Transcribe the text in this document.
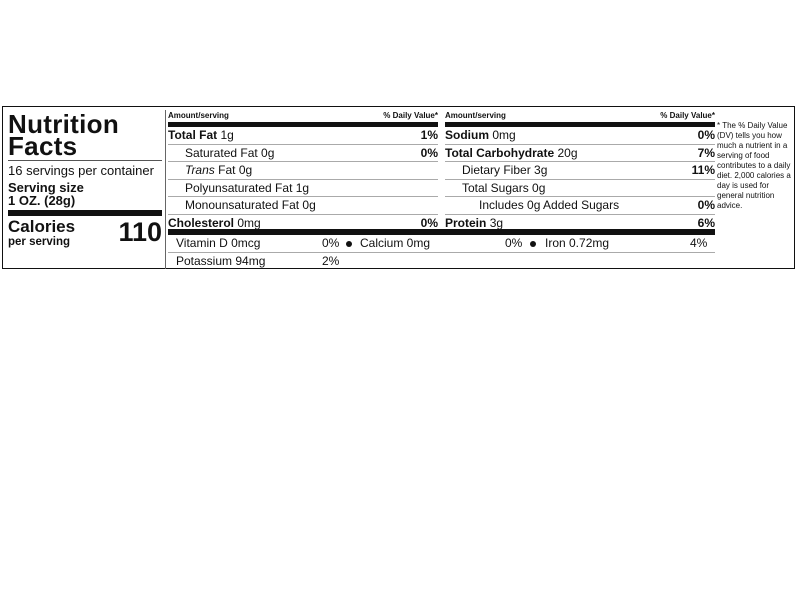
Nutrition
Facts
16 servings per container
Serving size
1 OZ. (28g)
Calories
per serving 110
Amount/serving	% Daily Value*
Total Fat 1g	1%
Saturated Fat 0g	0%
Trans Fat 0g
Polyunsaturated Fat 1g
Monounsaturated Fat 0g
Cholesterol 0mg	0%
Amount/serving	% Daily Value*
Sodium 0mg	0%
Total Carbohydrate 20g	7%
Dietary Fiber 3g	11%
Total Sugars 0g
Includes 0g Added Sugars	0%
Protein 3g	6%
Vitamin D 0mcg	0% Calcium 0mg	0% Iron 0.72mg	4%
Potassium 94mg	2%
* The % Daily Value (DV) tells you how much a nutrient in a serving of food contributes to a daily diet. 2,000 calories a day is used for general nutrition advice.
